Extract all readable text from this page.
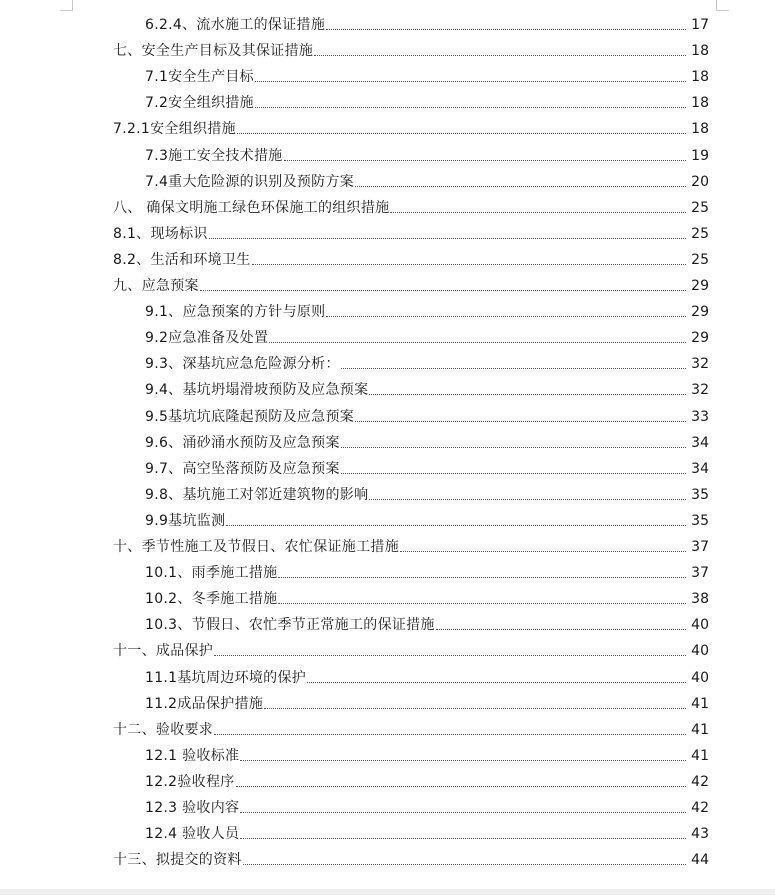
6.2.4、流水施工的保证措施	17
七、安全生产目标及其保证措施	18
7.1安全生产目标	18
7.2安全组织措施	18
7.2.1安全组织措施	18
7.3施工安全技术措施	19
7.4重大危险源的识别及预防方案	20
八、 确保文明施工绿色环保施工的组织措施	25
8.1、现场标识	25
8.2、生活和环境卫生	25
九、应急预案	29
9.1、应急预案的方针与原则	29
9.2应急准备及处置	29
9.3、深基坑应急危险源分析：	32
9.4、基坑坍塌滑坡预防及应急预案	32
9.5基坑坑底隆起预防及应急预案	33
9.6、涌砂涌水预防及应急预案	34
9.7、高空坠落预防及应急预案	34
9.8、基坑施工对邻近建筑物的影响	35
9.9基坑监测	35
十、季节性施工及节假日、农忙保证施工措施	37
10.1、雨季施工措施	37
10.2、冬季施工措施	38
10.3、节假日、农忙季节正常施工的保证措施	40
十一、成品保护	40
11.1基坑周边环境的保护	40
11.2成品保护措施	41
十二、验收要求	41
12.1 验收标准	41
12.2验收程序	42
12.3 验收内容	42
12.4 验收人员	43
十三、拟提交的资料	44
